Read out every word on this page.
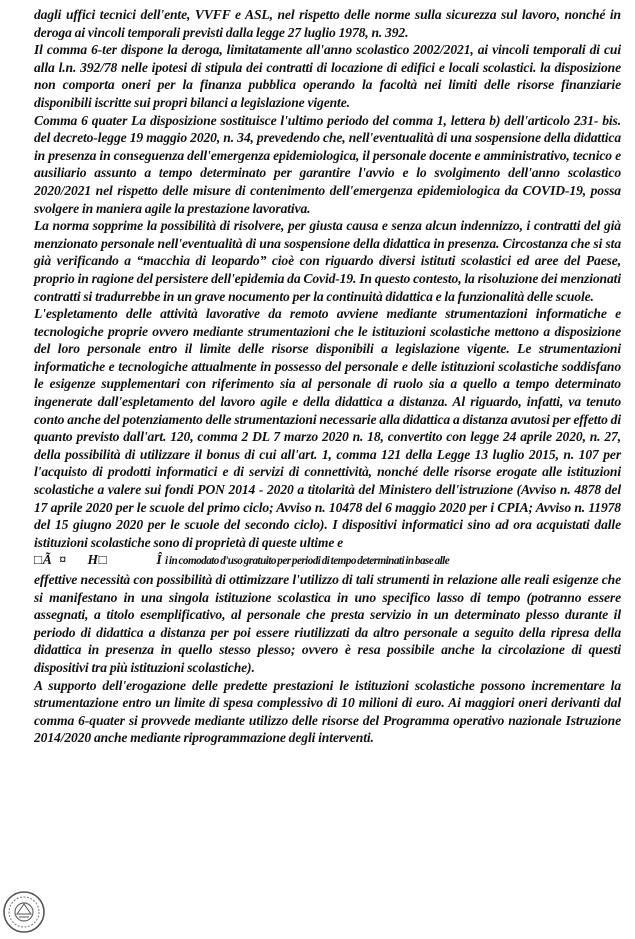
dagli uffici tecnici dell'ente, VVFF e ASL, nel rispetto delle norme sulla sicurezza sul lavoro, nonché in deroga ai vincoli temporali previsti dalla legge 27 luglio 1978, n. 392.

Il comma 6-ter dispone la deroga, limitatamente all'anno scolastico 2002/2021, ai vincoli temporali di cui alla l.n. 392/78 nelle ipotesi di stipula dei contratti di locazione di edifici e locali scolastici. la disposizione non comporta oneri per la finanza pubblica operando la facoltà nei limiti delle risorse finanziarie disponibili iscritte sui propri bilanci a legislazione vigente.

Comma 6 quater La disposizione sostituisce l'ultimo periodo del comma 1, lettera b) dell'articolo 231- bis. del decreto-legge 19 maggio 2020, n. 34, prevedendo che, nell'eventualità di una sospensione della didattica in presenza in conseguenza dell'emergenza epidemiologica, il personale docente e amministrativo, tecnico e ausiliario assunto a tempo determinato per garantire l'avvio e lo svolgimento dell'anno scolastico 2020/2021 nel rispetto delle misure di contenimento dell'emergenza epidemiologica da COVID-19, possa svolgere in maniera agile la prestazione lavorativa.

La norma sopprime la possibilità di risolvere, per giusta causa e senza alcun indennizzo, i contratti del già menzionato personale nell'eventualità di una sospensione della didattica in presenza. Circostanza che si sta già verificando a “macchia di leopardo” cioè con riguardo diversi istituti scolastici ed aree del Paese, proprio in ragione del persistere dell'epidemia da Covid-19. In questo contesto, la risoluzione dei menzionati contratti si tradurrebbe in un grave nocumento per la continuità didattica e la funzionalità delle scuole.

L'espletamento delle attività lavorative da remoto avviene mediante strumentazioni informatiche e tecnologiche proprie ovvero mediante strumentazioni che le istituzioni scolastiche mettono a disposizione del loro personale entro il limite delle risorse disponibili a legislazione vigente. Le strumentazioni informatiche e tecnologiche attualmente in possesso del personale e delle istituzioni scolastiche soddisfano le esigenze supplementari con riferimento sia al personale di ruolo sia a quello a tempo determinato ingenerate dall'espletamento del lavoro agile e della didattica a distanza. Al riguardo, infatti, va tenuto conto anche del potenziamento delle strumentazioni necessarie alla didattica a distanza avutosi per effetto di quanto previsto dall'art. 120, comma 2 DL 7 marzo 2020 n. 18, convertito con legge 24 aprile 2020, n. 27, della possibilità di utilizzare il bonus di cui all'art. 1, comma 121 della Legge 13 luglio 2015, n. 107 per l'acquisto di prodotti informatici e di servizi di connettività, nonché delle risorse erogate alle istituzioni scolastiche a valere sui fondi PON 2014 - 2020 a titolarità del Ministero dell'istruzione (Avviso n. 4878 del 17 aprile 2020 per le scuole del primo ciclo; Avviso n. 10478 del 6 maggio 2020 per i CPIA; Avviso n. 11978 del 15 giugno 2020 per le scuole del secondo ciclo). I dispositivi informatici sino ad ora acquistati dalle istituzioni scolastiche sono di proprietà di queste ultime e

□Ã  ¤      H□              Î i in comodato d'uso gratuito per periodi di tempo determinati in base alle

effettive necessità con possibilità di ottimizzare l'utilizzo di tali strumenti in relazione alle reali esigenze che si manifestano in una singola istituzione scolastica in uno specifico lasso di tempo (potranno essere assegnati, a titolo esemplificativo, al personale che presta servizio in un determinato plesso durante il periodo di didattica a distanza per poi essere riutilizzati da altro personale a seguito della ripresa della didattica in presenza in quello stesso plesso; ovvero è resa possibile anche la circolazione di questi dispositivi tra più istituzioni scolastiche).

A supporto dell'erogazione delle predette prestazioni le istituzioni scolastiche possono incrementare la strumentazione entro un limite di spesa complessivo di 10 milioni di euro. Ai maggiori oneri derivanti dal comma 6-quater si provvede mediante utilizzo delle risorse del Programma operativo nazionale Istruzione 2014/2020 anche mediante riprogrammazione degli interventi.
